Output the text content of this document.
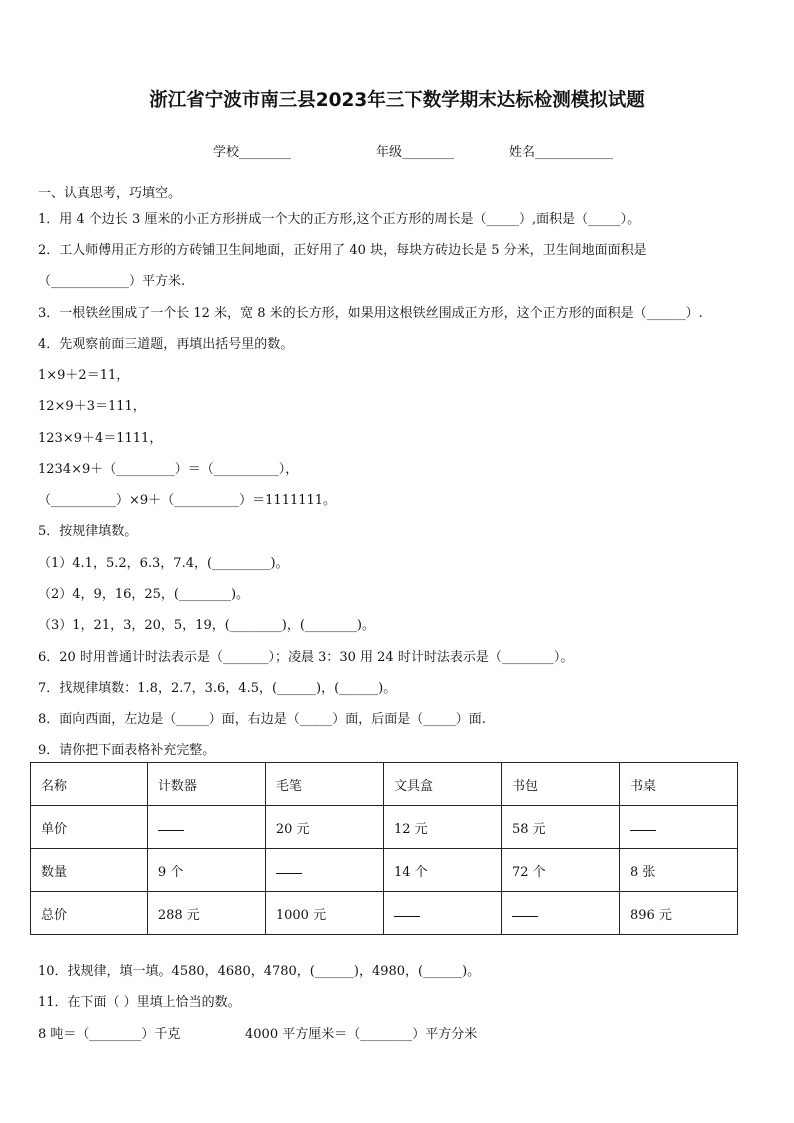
浙江省宁波市南三县2023年三下数学期末达标检测模拟试题
学校________	年级________	姓名____________
一、认真思考，巧填空。
1．用 4 个边长 3 厘米的小正方形拼成一个大的正方形,这个正方形的周长是（_____）,面积是（_____）。
2．工人师傅用正方形的方砖铺卫生间地面，正好用了 40 块，每块方砖边长是 5 分米，卫生间地面面积是
（____________）平方米.
3．一根铁丝围成了一个长 12 米，宽 8 米的长方形，如果用这根铁丝围成正方形，这个正方形的面积是（______）.
4．先观察前面三道题，再填出括号里的数。
1×9＋2＝11，
12×9＋3＝111，
123×9＋4＝1111，
1234×9＋（_________）＝（__________），
（__________）×9＋（__________）＝1111111。
5．按规律填数。
（1）4.1，5.2，6.3，7.4，(_________)。
（2）4，9，16，25，(________)。
（3）1，21，3，20，5，19，(________)，(________)。
6．20 时用普通计时法表示是（_______）；凌晨 3：30 用 24 时计时法表示是（________）。
7．找规律填数：1.8，2.7，3.6，4.5，(______)，(______)。
8．面向西面，左边是（_____）面，右边是（_____）面，后面是（_____）面.
9．请你把下面表格补充完整。
名称	计数器	毛笔	文具盒	书包	书桌
单价		20 元	12 元	58 元	
数量	9 个		14 个	72 个	8 张
总价	288 元	1000 元			896 元
10．找规律，填一填。4580，4680，4780，(______)，4980，(______)。
11．在下面（ ）里填上恰当的数。
8 吨＝（________）千克	4000 平方厘米＝（________）平方分米
